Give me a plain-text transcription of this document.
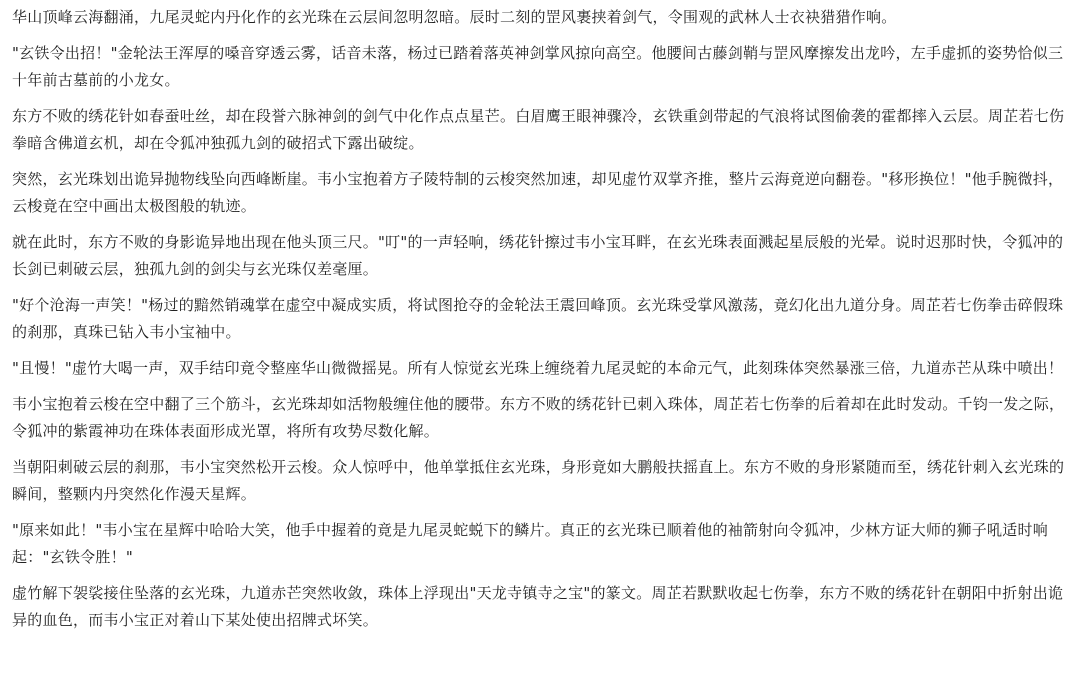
华山顶峰云海翻涌，九尾灵蛇内丹化作的玄光珠在云层间忽明忽暗。辰时二刻的罡风裹挟着剑气，令围观的武林人士衣袂猎猎作响。

"玄铁令出招！"金轮法王浑厚的嗓音穿透云雾，话音未落，杨过已踏着落英神剑掌风掠向高空。他腰间古藤剑鞘与罡风摩擦发出龙吟，左手虚抓的姿势恰似三十年前古墓前的小龙女。

东方不败的绣花针如春蚕吐丝，却在段誉六脉神剑的剑气中化作点点星芒。白眉鹰王眼神骤冷，玄铁重剑带起的气浪将试图偷袭的霍都摔入云层。周芷若七伤拳暗含佛道玄机，却在令狐冲独孤九剑的破招式下露出破绽。

突然，玄光珠划出诡异抛物线坠向西峰断崖。韦小宝抱着方子陵特制的云梭突然加速，却见虚竹双掌齐推，整片云海竟逆向翻卷。"移形换位！"他手腕微抖，云梭竟在空中画出太极图般的轨迹。

就在此时，东方不败的身影诡异地出现在他头顶三尺。"叮"的一声轻响，绣花针擦过韦小宝耳畔，在玄光珠表面溅起星辰般的光晕。说时迟那时快，令狐冲的长剑已刺破云层，独孤九剑的剑尖与玄光珠仅差毫厘。

"好个沧海一声笑！"杨过的黯然销魂掌在虚空中凝成实质，将试图抢夺的金轮法王震回峰顶。玄光珠受掌风激荡，竟幻化出九道分身。周芷若七伤拳击碎假珠的刹那，真珠已钻入韦小宝袖中。

"且慢！"虚竹大喝一声，双手结印竟令整座华山微微摇晃。所有人惊觉玄光珠上缠绕着九尾灵蛇的本命元气，此刻珠体突然暴涨三倍，九道赤芒从珠中喷出！

韦小宝抱着云梭在空中翻了三个筋斗，玄光珠却如活物般缠住他的腰带。东方不败的绣花针已刺入珠体，周芷若七伤拳的后着却在此时发动。千钧一发之际，令狐冲的紫霞神功在珠体表面形成光罩，将所有攻势尽数化解。

当朝阳刺破云层的刹那，韦小宝突然松开云梭。众人惊呼中，他单掌抵住玄光珠，身形竟如大鹏般扶摇直上。东方不败的身形紧随而至，绣花针刺入玄光珠的瞬间，整颗内丹突然化作漫天星辉。

"原来如此！"韦小宝在星辉中哈哈大笑，他手中握着的竟是九尾灵蛇蜕下的鳞片。真正的玄光珠已顺着他的袖箭射向令狐冲，少林方证大师的狮子吼适时响起："玄铁令胜！"

虚竹解下袈裟接住坠落的玄光珠，九道赤芒突然收敛，珠体上浮现出"天龙寺镇寺之宝"的篆文。周芷若默默收起七伤拳，东方不败的绣花针在朝阳中折射出诡异的血色，而韦小宝正对着山下某处使出招牌式坏笑。
